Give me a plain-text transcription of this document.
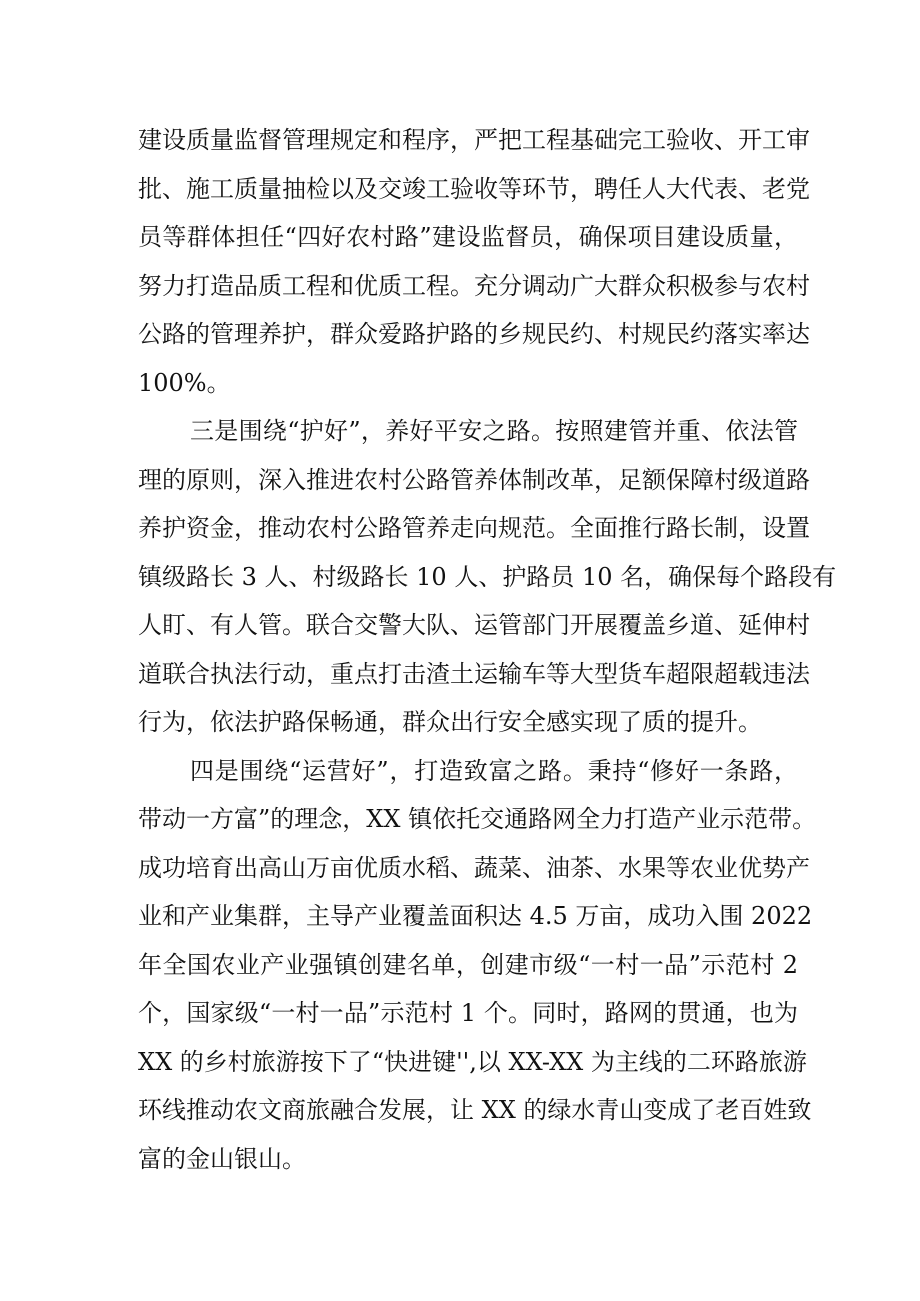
建设质量监督管理规定和程序，严把工程基础完工验收、开工审
批、施工质量抽检以及交竣工验收等环节，聘任人大代表、老党
员等群体担任“四好农村路”建设监督员，确保项目建设质量，
努力打造品质工程和优质工程。充分调动广大群众积极参与农村
公路的管理养护，群众爱路护路的乡规民约、村规民约落实率达
100%。
三是围绕“护好”，养好平安之路。按照建管并重、依法管
理的原则，深入推进农村公路管养体制改革，足额保障村级道路
养护资金，推动农村公路管养走向规范。全面推行路长制，设置
镇级路长 3 人、村级路长 10 人、护路员 10 名，确保每个路段有
人盯、有人管。联合交警大队、运管部门开展覆盖乡道、延伸村
道联合执法行动，重点打击渣土运输车等大型货车超限超载违法
行为，依法护路保畅通，群众出行安全感实现了质的提升。
四是围绕“运营好”，打造致富之路。秉持“修好一条路，
带动一方富”的理念，XX 镇依托交通路网全力打造产业示范带。
成功培育出高山万亩优质水稻、蔬菜、油茶、水果等农业优势产
业和产业集群，主导产业覆盖面积达 4.5 万亩，成功入围 2022
年全国农业产业强镇创建名单，创建市级“一村一品”示范村 2
个，国家级“一村一品”示范村 1 个。同时，路网的贯通，也为
XX 的乡村旅游按下了“快进键'',以 XX-XX 为主线的二环路旅游
环线推动农文商旅融合发展，让 XX 的绿水青山变成了老百姓致
富的金山银山。
